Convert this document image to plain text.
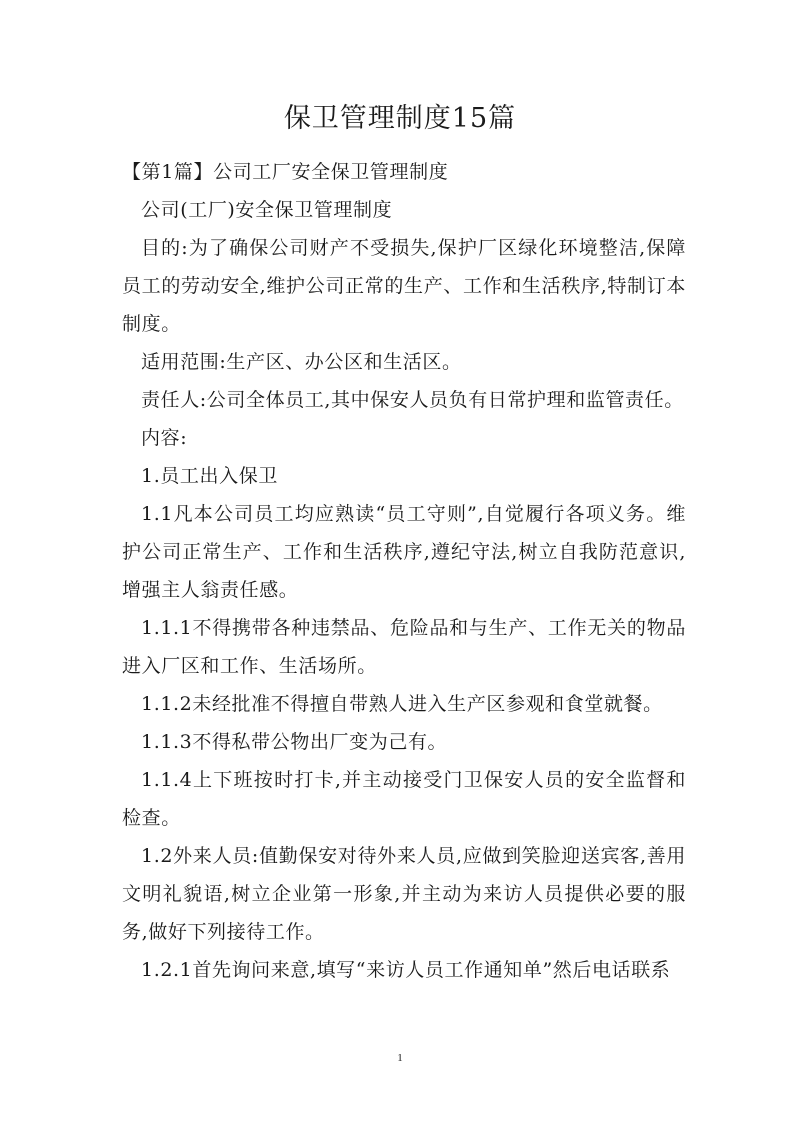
保卫管理制度15篇

【第1篇】公司工厂安全保卫管理制度

公司(工厂)安全保卫管理制度

目的:为了确保公司财产不受损失,保护厂区绿化环境整洁,保障员工的劳动安全,维护公司正常的生产、工作和生活秩序,特制订本制度。

适用范围:生产区、办公区和生活区。

责任人:公司全体员工,其中保安人员负有日常护理和监管责任。

内容:

1.员工出入保卫

1.1凡本公司员工均应熟读“员工守则”,自觉履行各项义务。维护公司正常生产、工作和生活秩序,遵纪守法,树立自我防范意识,增强主人翁责任感。

1.1.1不得携带各种违禁品、危险品和与生产、工作无关的物品进入厂区和工作、生活场所。

1.1.2未经批准不得擅自带熟人进入生产区参观和食堂就餐。

1.1.3不得私带公物出厂变为己有。

1.1.4上下班按时打卡,并主动接受门卫保安人员的安全监督和检查。

1.2外来人员:值勤保安对待外来人员,应做到笑脸迎送宾客,善用文明礼貌语,树立企业第一形象,并主动为来访人员提供必要的服务,做好下列接待工作。

1.2.1首先询问来意,填写“来访人员工作通知单”然后电话联系

1
